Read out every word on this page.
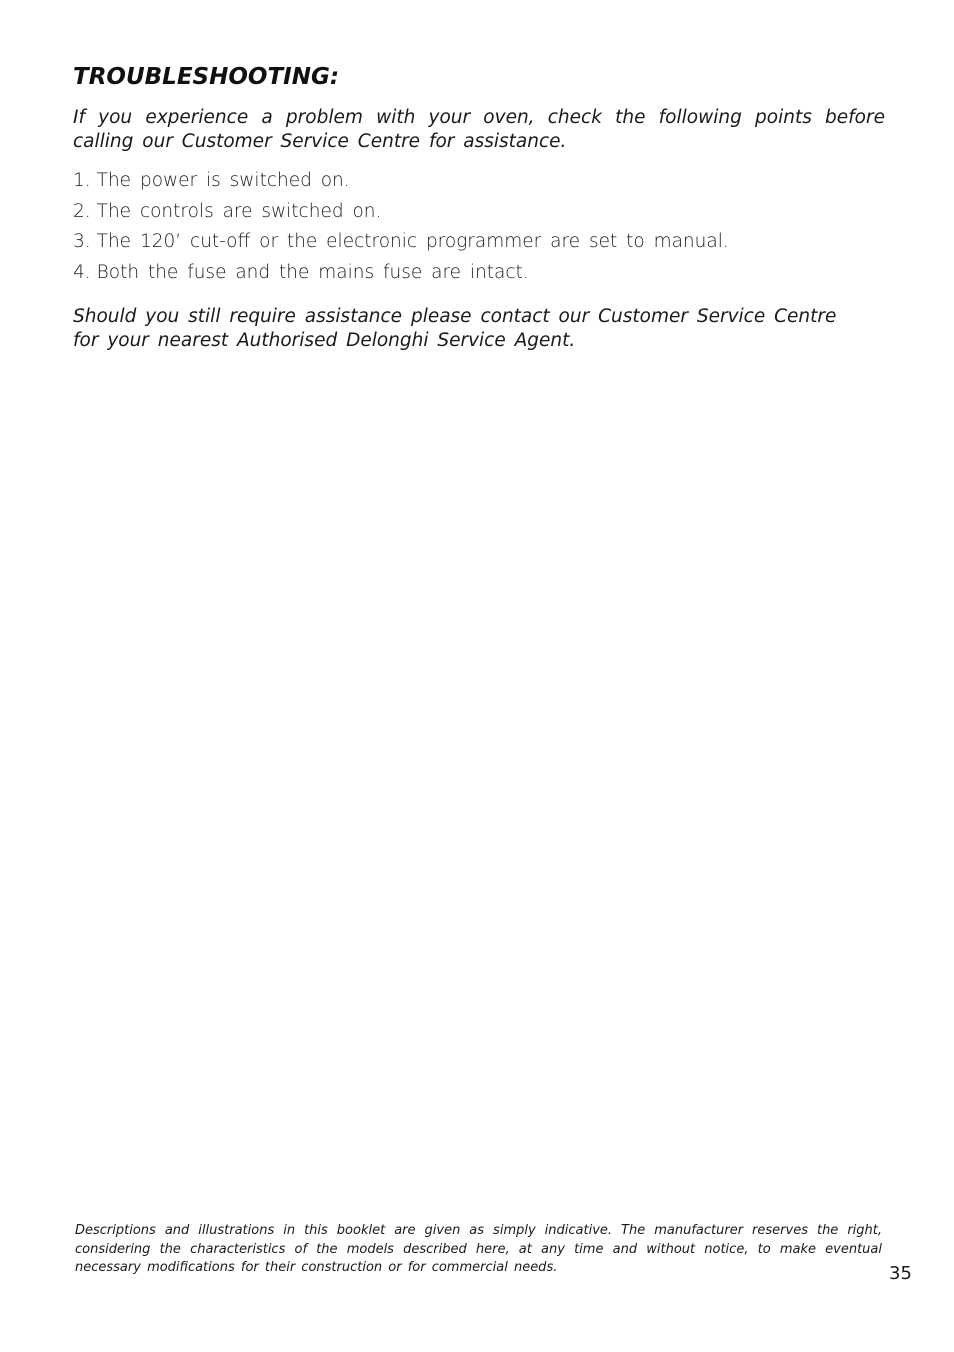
TROUBLESHOOTING:

If you experience a problem with your oven, check the following points before calling our Customer Service Centre for assistance.

1. The power is switched on.
2. The controls are switched on.
3. The 120’ cut-off or the electronic programmer are set to manual.
4. Both the fuse and the mains fuse are intact.

Should you still require assistance please contact our Customer Service Centre for your nearest Authorised Delonghi Service Agent.

Descriptions and illustrations in this booklet are given as simply indicative. The manufacturer reserves the right, considering the characteristics of the models described here, at any time and without notice, to make eventual necessary modifications for their construction or for commercial needs.	35
